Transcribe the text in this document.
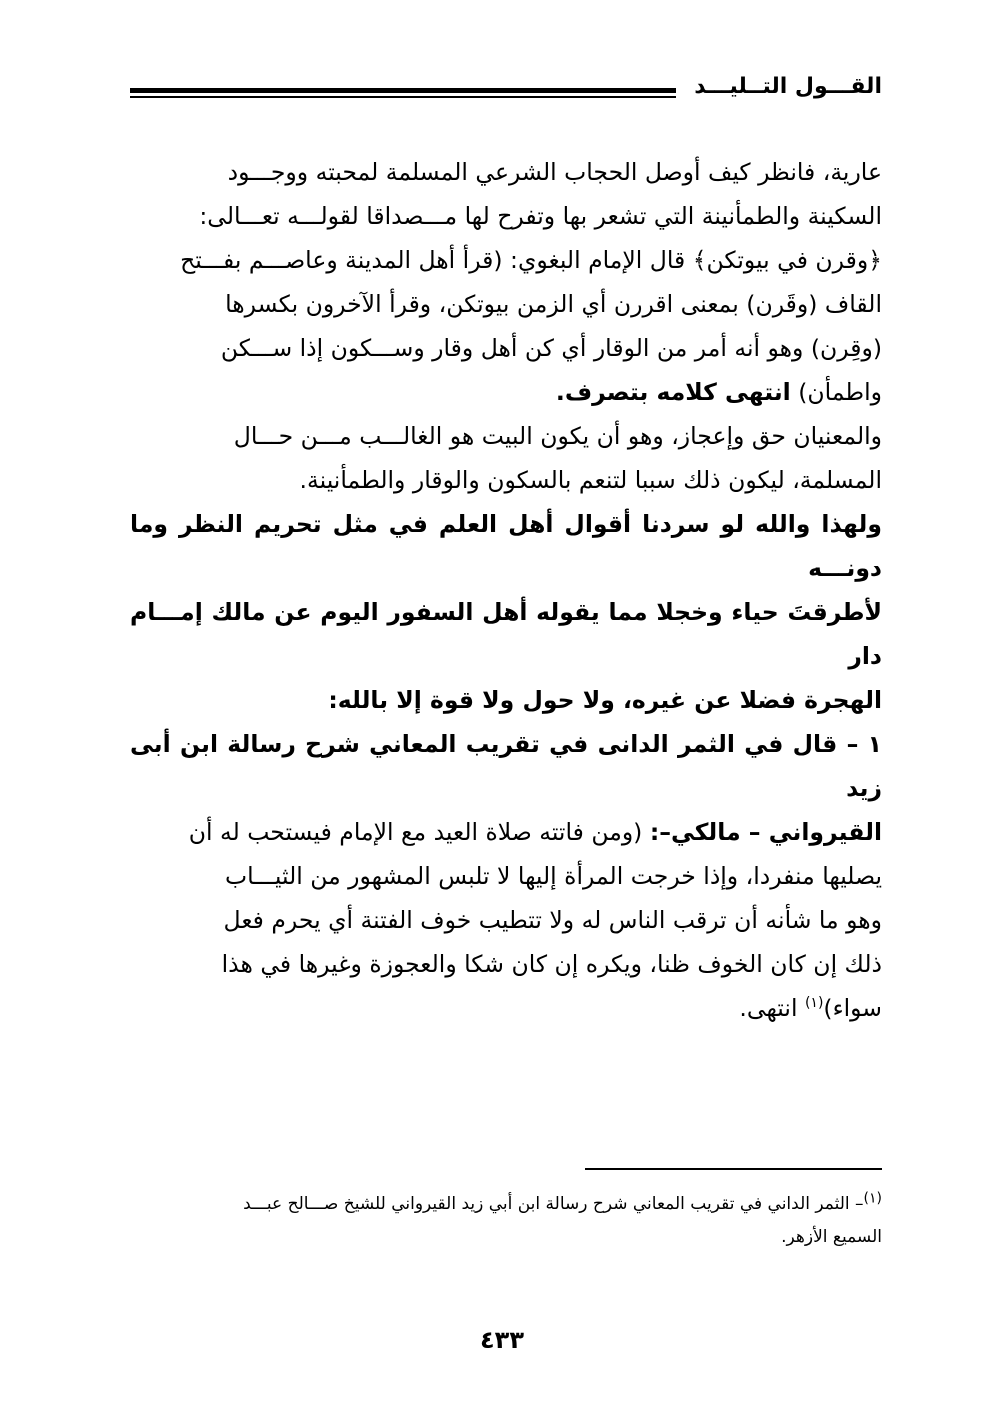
القـــول التــليـــد

عارية، فانظر كيف أوصل الحجاب الشرعي المسلمة لمحبته ووجـــود

السكينة والطمأنينة التي تشعر بها وتفرح لها مـــصداقا لقولـــه تعـــالى:

﴿وقرن في بيوتكن﴾ قال الإمام البغوي: (قرأ أهل المدينة وعاصـــم بفـــتح

القاف (وقَرن) بمعنى اقررن أي الزمن بيوتكن، وقرأ الآخرون بكسرها

(وقِرن) وهو أنه أمر من الوقار أي كن أهل وقار وســـكون إذا ســـكن

واطمأن) انتهى كلامه بتصرف.

والمعنيان حق وإعجاز، وهو أن يكون البيت هو الغالـــب مـــن حـــال

المسلمة، ليكون ذلك سببا لتنعم بالسكون والوقار والطمأنينة.

ولهذا والله لو سردنا أقوال أهل العلم في مثل تحريم النظر وما دونـــه

لأطرقتَ حياء وخجلا مما يقوله أهل السفور اليوم عن مالك إمـــام دار

الهجرة فضلا عن غيره، ولا حول ولا قوة إلا بالله:

١ – قال في الثمر الدانى في تقريب المعاني شرح رسالة ابن أبى زيد

القيرواني – مالكي–: (ومن فاتته صلاة العيد مع الإمام فيستحب له أن

يصليها منفردا، وإذا خرجت المرأة إليها لا تلبس المشهور من الثيـــاب

وهو ما شأنه أن ترقب الناس له ولا تتطيب خوف الفتنة أي يحرم فعل

ذلك إن كان الخوف ظنا، ويكره إن كان شكا والعجوزة وغيرها في هذا

سواء)$^{(١)}$ انتهى.

$^{(١)}$– الثمر الداني في تقريب المعاني شرح رسالة ابن أبي زيد القيرواني للشيخ صـــالح عبـــد
السميع الأزهر.
٤٣٣
